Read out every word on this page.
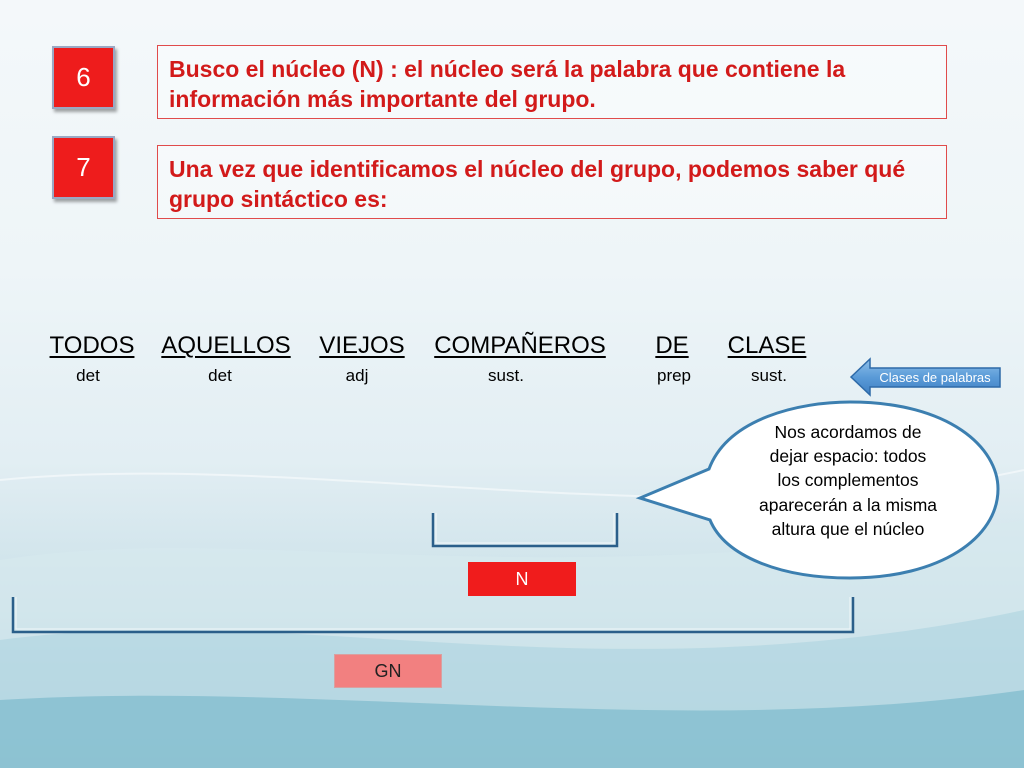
6	Busco el núcleo (N) : el núcleo será la palabra que contiene la información más importante del grupo.
7	Una vez que identificamos el núcleo del grupo, podemos saber qué grupo sintáctico es:
TODOS AQUELLOS VIEJOS COMPAÑEROS DE CLASE
det	det	adj	sust.	prep	sust.
N
GN
Nos acordamos de dejar espacio: todos los complementos aparecerán a la misma altura que el núcleo
Clases de palabras
